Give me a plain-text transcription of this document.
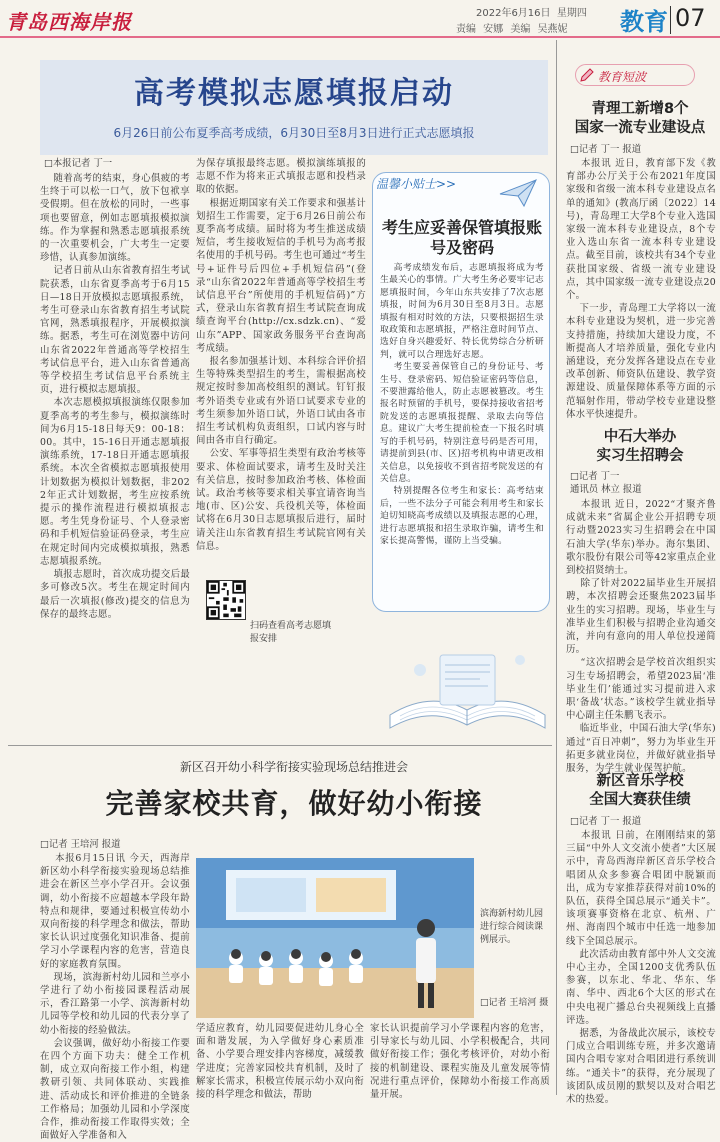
青岛西海岸报	2022年6月16日 星期四
责编 安娜 美编 吴燕妮 教育 07
高考模拟志愿填报启动
6月26日前公布夏季高考成绩，6月30日至8月3日进行正式志愿填报
□本报记者 丁一
随着高考的结束，身心俱疲的考生终于可以松一口气，放下包袱享受假期。但在放松的同时，一些事项也要留意，例如志愿填报模拟演练。作为掌握和熟悉志愿填报系统的一次重要机会，广大考生一定要珍惜，认真参加演练。
记者日前从山东省教育招生考试院获悉，山东省夏季高考于6月15日—18日开放模拟志愿填报系统，考生可登录山东省教育招生考试院官网，熟悉填报程序，开展模拟演练。据悉，考生可在浏览器中访问山东省2022年普通高等学校招生考试信息平台，进入山东省普通高等学校招生考试信息平台系统主页，进行模拟志愿填报。
本次志愿模拟填报演练仅限参加夏季高考的考生参与，模拟演练时间为6月15-18日每天9：00-18：00。其中，15-16日开通志愿填报演练系统，17-18日开通志愿填报系统。本次全省模拟志愿填报使用计划数据为模拟计划数据，非2022年正式计划数据，考生应按系统提示的操作流程进行模拟填报志愿。考生凭身份证号、个人登录密码和手机短信验证码登录，考生应在规定时间内完成模拟填报，熟悉志愿填报系统。
填报志愿时，首次成功提交后最多可修改5次。考生在规定时间内最后一次填报(修改)提交的信息为保存的最终志愿。
为保存填报最终志愿。模拟演练填报的志愿不作为将来正式填报志愿和投档录取的依据。
根据近期国家有关工作要求和强基计划招生工作需要，定于6月26日前公布夏季高考成绩。届时将为考生推送成绩短信，考生接收短信的手机号为高考报名使用的手机号码。考生也可通过“考生号+证件号后四位+手机短信码”(登录“山东省2022年普通高等学校招生考试信息平台”所使用的手机短信码)”方式，登录山东省教育招生考试院查询成绩查询平台(http://cx.sdzk.cn)、“爱山东”APP、国家政务服务平台查询高考成绩。
报名参加强基计划、本科综合评价招生等特殊类型招生的考生，需根据高校规定按时参加高校组织的测试。钉钉报考外语类专业或有外语口试要求专业的考生须参加外语口试，外语口试由各市招生考试机构负责组织，口试内容与时间由各市自行确定。
公安、军事等招生类型有政治考核等要求、体检面试要求，请考生及时关注有关信息，按时参加政治考核、体检面试。政治考核等要求相关事宜请咨询当地(市、区)公安、兵役机关等，体检面试将在6月30日志愿填报后进行，届时请关注山东省教育招生考试院官网有关信息。
扫码查看高考志愿填报安排
温馨小贴士>>
考生应妥善保管填报账号及密码
高考成绩发布后，志愿填报将成为考生最关心的事情。广大考生务必要牢记志愿填报时间，今年山东共安排了7次志愿填报，时间为6月30日至8月3日。志愿填报有相对时效的方法，只要根据招生录取政策和志愿填报，严格注意时间节点、选好自身兴趣爱好、特长优势综合分析研判，就可以合理选好志愿。
考生要妥善保管自己的身份证号、考生号、登录密码、短信验证密码等信息，不要泄露给他人，防止志愿被篡改。考生报名时预留的手机号，要保持接收省招考院发送的志愿填报提醒、录取去向等信息。建议广大考生提前检查一下报名时填写的手机号码，特别注意号码是否可用，请提前到县(市、区)招考机构申请更改相关信息，以免接收不到省招考院发送的有关信息。
特别提醒各位考生和家长：高考结束后，一些不法分子可能会利用考生和家长迫切知晓高考成绩以及填报志愿的心理，进行志愿填报和招生录取诈骗，请考生和家长提高警惕，谨防上当受骗。
新区召开幼小科学衔接实验现场总结推进会
完善家校共育，做好幼小衔接
□记者 王培河 报道
本报6月15日讯 今天，西海岸新区幼小科学衔接实验现场总结推进会在新区兰亭小学召开。会议强调，幼小衔接不应超越本学段年龄特点和规律，要通过积极宣传幼小双向衔接的科学理念和做法，帮助家长认识过度强化知识准备、提前学习小学课程内容的危害，营造良好的家庭教育氛围。
现场，滨海新村幼儿园和兰亭小学进行了幼小衔接园课程活动展示，香江路第一小学、滨海新村幼儿园等学校和幼儿园的代表分享了幼小衔接的经验做法。
会议强调，做好幼小衔接工作要在四个方面下功夫：健全工作机制，成立双向衔接工作小组，构建教研引领、共同体联动、实践推进、活动成长和评价推进的全链条工作格局；加强幼儿园和小学深度合作，推动衔接工作取得实效；全面做好入学准备和入
学适应教育，幼儿园要促进幼儿身心全面和谐发展，为入学做好身心素质准备、小学要合理安排内容梯度，减缓教学进度；完善家园校共育机制，及时了解家长需求，积极宣传展示幼小双向衔接的科学理念和做法，帮助
家长认识提前学习小学课程内容的危害，引导家长与幼儿园、小学积极配合，共同做好衔接工作；强化考核评价，对幼小衔接的机制建设、课程实施及儿童发展等情况进行重点评价，保障幼小衔接工作高质量开展。
滨海新村幼儿园进行综合阅读课例展示。
□记者 王培河 摄
教育短波
青理工新增8个
国家一流专业建设点
□记者 丁一 报道
本报讯 近日，教育部下发《教育部办公厅关于公布2021年度国家级和省级一流本科专业建设点名单的通知》(教高厅函〔2022〕14号)，青岛理工大学8个专业入选国家级一流本科专业建设点，8个专业入选山东省一流本科专业建设点。截至目前，该校共有34个专业获批国家级、省级一流专业建设点，其中国家级一流专业建设点20个。
下一步，青岛理工大学将以一流本科专业建设为契机，进一步完善支持措施，持续加大建设力度，不断提高人才培养质量，强化专业内涵建设，充分发挥各建设点在专业改革创新、师资队伍建设、教学资源建设、质量保障体系等方面的示范辐射作用，带动学校专业建设整体水平快速提升。
中石大举办
实习生招聘会
□记者 丁一
通讯员 林立 报道
本报讯 近日，2022“才聚齐鲁 成就未来”省属企业公开招聘专项行动暨2023实习生招聘会在中国石油大学(华东)举办。海尔集团、歌尔股份有限公司等42家重点企业到校招贤纳士。
除了针对2022届毕业生开展招聘，本次招聘会还聚焦2023届毕业生的实习招聘。现场，毕业生与准毕业生们积极与招聘企业沟通交流，并向有意向的用人单位投递简历。
“这次招聘会是学校首次组织实习生专场招聘会，希望2023届‘准毕业生们’能通过实习提前进入求职‘备战’状态。”该校学生就业指导中心副主任朱鹏飞表示。
临近毕业，中国石油大学(华东)通过“百日冲刺”，努力为毕业生开拓更多就业岗位，并做好就业指导服务，为学生就业保驾护航。
新区音乐学校
全国大赛获佳绩
□记者 丁一 报道
本报讯 日前，在刚刚结束的第三届“中外人文交流小使者”大区展示中，青岛西海岸新区音乐学校合唱团从众多参赛合唱团中脱颖而出，成为专家推荐获得对前10%的队伍，获得全国总展示“通关卡”。该项赛事资格在北京、杭州、广州、海南四个城市中任选一地参加线下全国总展示。
此次活动由教育部中外人文交流中心主办，全国1200支优秀队伍参赛，以东北、华北、华东、华南、华中、西北6个大区的形式在中央电视广播总台央视频线上直播评选。
据悉，为备战此次展示，该校专门成立合唱训练专班，并多次邀请国内合唱专家对合唱团进行系统训练。“通关卡”的获得，充分展现了该团队成员刚的默契以及对合唱艺术的热爱。
